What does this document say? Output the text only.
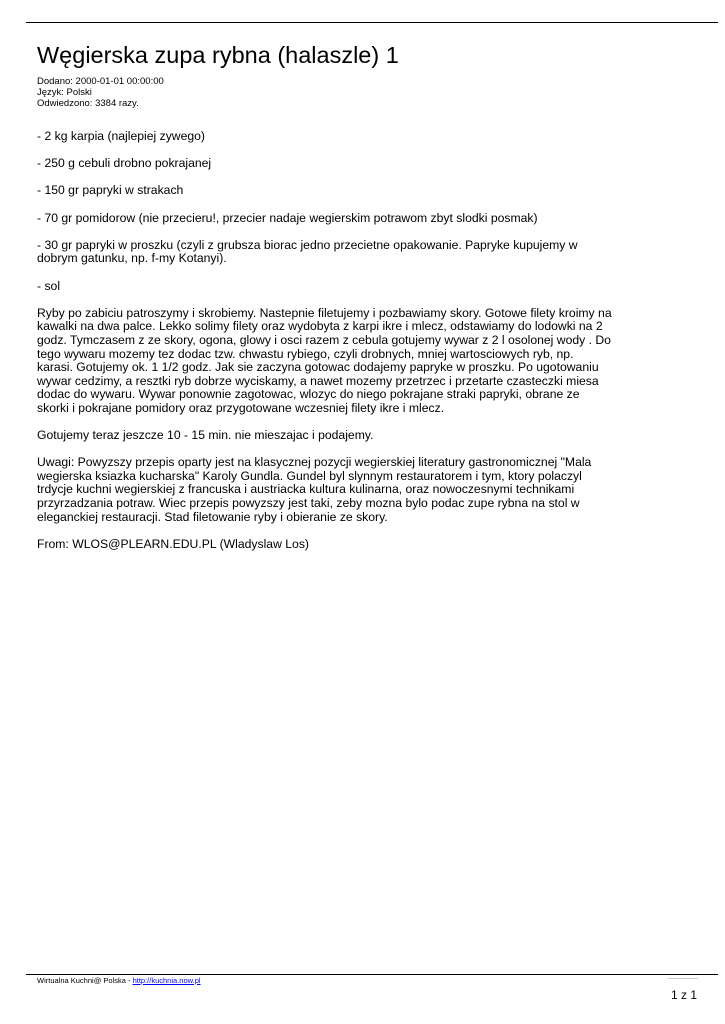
Węgierska zupa rybna (halaszle) 1
Dodano: 2000-01-01 00:00:00
Język: Polski
Odwiedzono: 3384 razy.

- 2 kg karpia (najlepiej zywego)

- 250 g cebuli drobno pokrajanej

- 150 gr papryki w strakach

- 70 gr pomidorow (nie przecieru!, przecier nadaje wegierskim potrawom zbyt slodki posmak)

- 30 gr papryki w proszku (czyli z grubsza biorac jedno przecietne opakowanie. Papryke kupujemy w dobrym gatunku, np. f-my Kotanyi).

- sol

Ryby po zabiciu patroszymy i skrobiemy. Nastepnie filetujemy i pozbawiamy skory. Gotowe filety kroimy na kawalki na dwa palce. Lekko solimy filety oraz wydobyta z karpi ikre i mlecz, odstawiamy do lodowki na 2 godz. Tymczasem z ze skory, ogona, glowy i osci razem z cebula gotujemy wywar z 2 l osolonej wody . Do tego wywaru mozemy tez dodac tzw. chwastu rybiego, czyli drobnych, mniej wartosciowych ryb, np. karasi. Gotujemy ok. 1 1/2 godz. Jak sie zaczyna gotowac dodajemy papryke w proszku. Po ugotowaniu wywar cedzimy, a resztki ryb dobrze wyciskamy, a nawet mozemy przetrzec i przetarte czasteczki miesa dodac do wywaru. Wywar ponownie zagotowac, wlozyc do niego pokrajane straki papryki, obrane ze skorki i pokrajane pomidory oraz przygotowane wczesniej filety ikre i mlecz.

Gotujemy teraz jeszcze 10 - 15 min. nie mieszajac i podajemy.

Uwagi: Powyzszy przepis oparty jest na klasycznej pozycji wegierskiej literatury gastronomicznej "Mala wegierska ksiazka kucharska" Karoly Gundla. Gundel byl slynnym restauratorem i tym, ktory polaczyl trdycje kuchni wegierskiej z francuska i austriacka kultura kulinarna, oraz nowoczesnymi technikami przyrzadzania potraw. Wiec przepis powyzszy jest taki, zeby mozna bylo podac zupe rybna na stol w eleganckiej restauracji. Stad filetowanie ryby i obieranie ze skory.

From: WLOS@PLEARN.EDU.PL (Wladyslaw Los)

Wirtualna Kuchni@ Polska - http://kuchnia.now.pl
1 z 1
